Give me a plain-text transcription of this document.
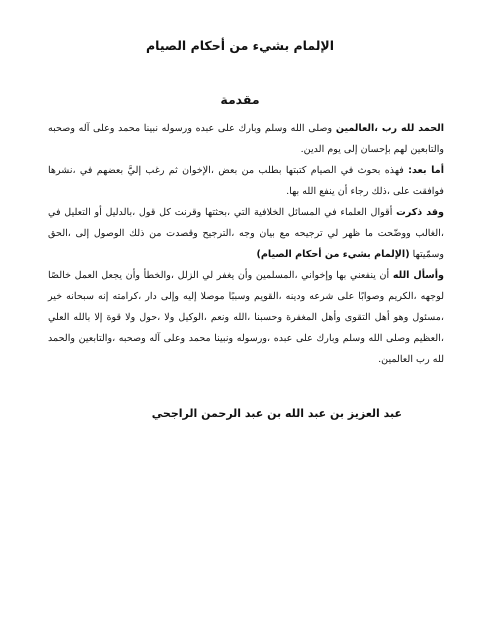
الإلمام بشيء من أحكام الصيام
مقدمة

الحمد لله رب ،العالمين وصلى الله وسلم وبارك على عبده ورسوله نبينا محمد وعلى آله وصحبه والتابعين لهم بإحسان إلى يوم الدين.

أما بعد: فهذه بحوث في الصيام كتبتها بطلب من بعض ،الإخوان ثم رغب إليَّ بعضهم في ،نشرها فوافقت على ،ذلك رجاء أن ينفع الله بها.

وقد ذكرت أقوال العلماء في المسائل الخلافية التي ،بحثتها وقرنت كل قول ،بالدليل أو التعليل في ،الغالب ووضّحت ما ظهر لي ترجيحه مع بيان وجه ،الترجيح وقصدت من ذلك الوصول إلى ،الحق وسمّيتها (الإلمام بشيء من أحكام الصيام)

وأسأل الله أن ينفعني بها وإخواني ،المسلمين وأن يغفر لي الزلل ،والخطأ وأن يجعل العمل خالصًا لوجهه ،الكريم وصوابًا على شرعه ودينه ،القويم وسببًا موصلا إليه وإلى دار ،كرامته إنه سبحانه خير ،مسئول وهو أهل التقوى وأهل المغفرة وحسبنا ،الله ونعم ،الوكيل ولا ،حول ولا قوة إلا بالله العلي ،العظيم وصلى الله وسلم وبارك على عبده ،ورسوله ونبينا محمد وعلى آله وصحبه ،والتابعين والحمد لله رب العالمين.

عبد العزيز بن عبد الله بن عبد الرحمن الراجحي
